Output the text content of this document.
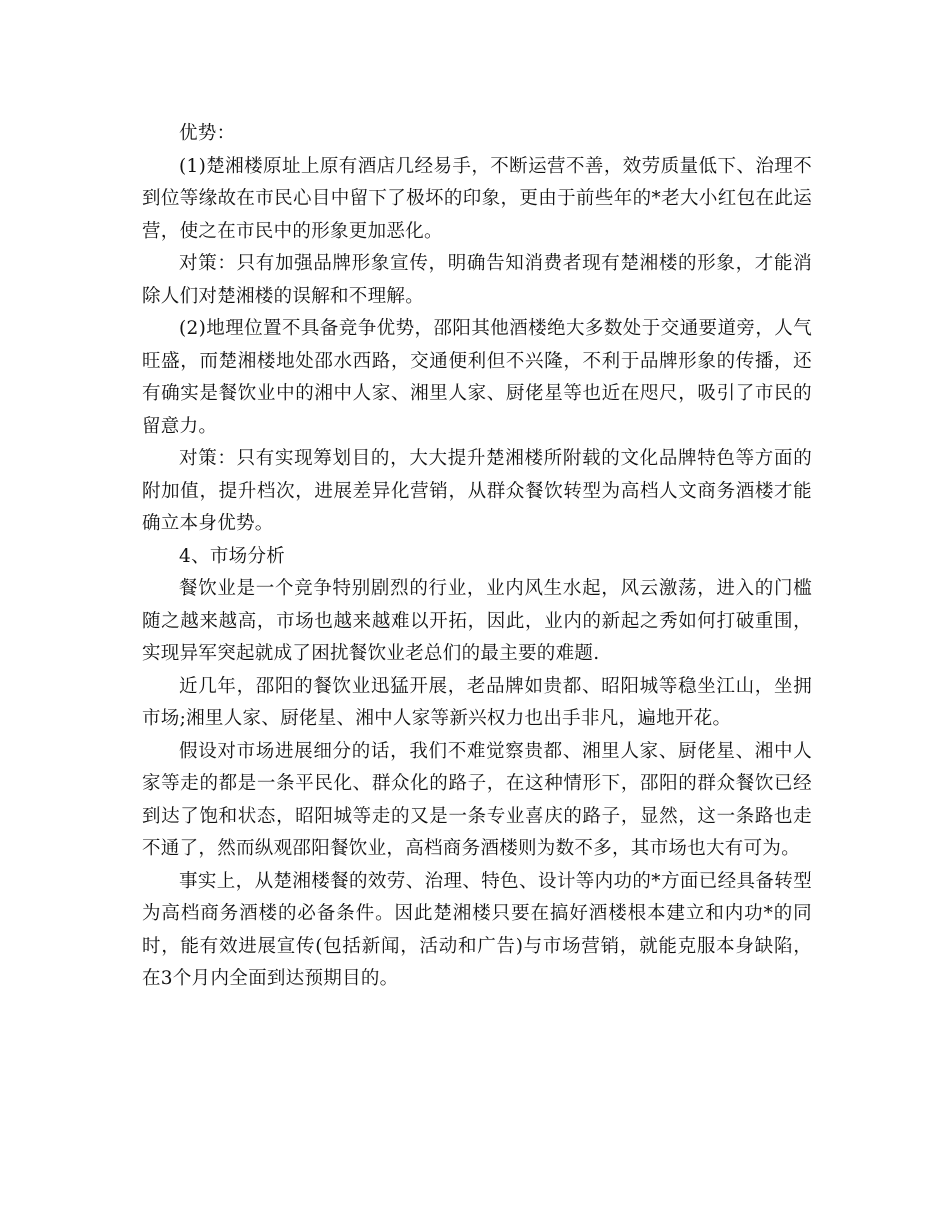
优势：

(1)楚湘楼原址上原有酒店几经易手，不断运营不善，效劳质量低下、治理不到位等缘故在市民心目中留下了极坏的印象，更由于前些年的*老大小红包在此运营，使之在市民中的形象更加恶化。

对策：只有加强品牌形象宣传，明确告知消费者现有楚湘楼的形象，才能消除人们对楚湘楼的误解和不理解。

(2)地理位置不具备竞争优势，邵阳其他酒楼绝大多数处于交通要道旁，人气旺盛，而楚湘楼地处邵水西路，交通便利但不兴隆，不利于品牌形象的传播，还有确实是餐饮业中的湘中人家、湘里人家、厨佬星等也近在咫尺，吸引了市民的留意力。

对策：只有实现筹划目的，大大提升楚湘楼所附载的文化品牌特色等方面的附加值，提升档次，进展差异化营销，从群众餐饮转型为高档人文商务酒楼才能确立本身优势。

4、市场分析

餐饮业是一个竞争特别剧烈的行业，业内风生水起，风云激荡，进入的门槛随之越来越高，市场也越来越难以开拓，因此，业内的新起之秀如何打破重围，实现异军突起就成了困扰餐饮业老总们的最主要的难题.

近几年，邵阳的餐饮业迅猛开展，老品牌如贵都、昭阳城等稳坐江山，坐拥市场;湘里人家、厨佬星、湘中人家等新兴权力也出手非凡，遍地开花。

假设对市场进展细分的话，我们不难觉察贵都、湘里人家、厨佬星、湘中人家等走的都是一条平民化、群众化的路子，在这种情形下，邵阳的群众餐饮已经到达了饱和状态，昭阳城等走的又是一条专业喜庆的路子，显然，这一条路也走不通了，然而纵观邵阳餐饮业，高档商务酒楼则为数不多，其市场也大有可为。

事实上，从楚湘楼餐的效劳、治理、特色、设计等内功的*方面已经具备转型为高档商务酒楼的必备条件。因此楚湘楼只要在搞好酒楼根本建立和内功*的同时，能有效进展宣传(包括新闻，活动和广告)与市场营销，就能克服本身缺陷，在3个月内全面到达预期目的。
